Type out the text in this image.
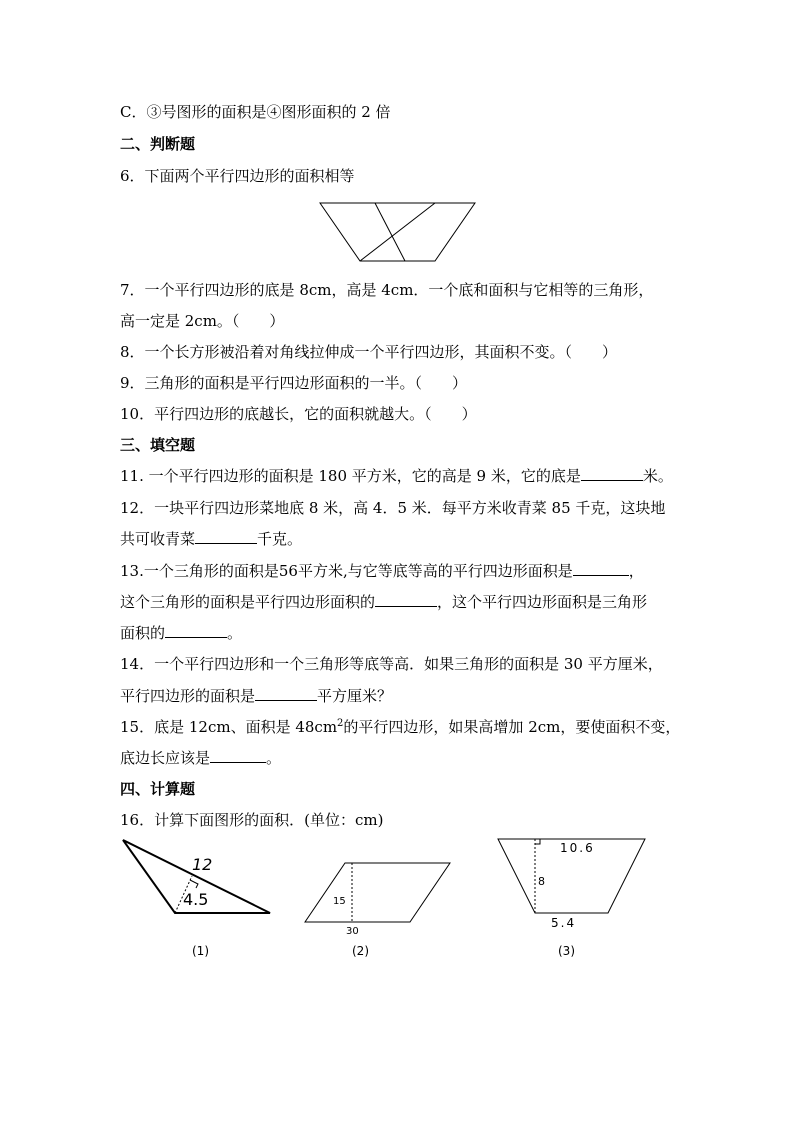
C．③号图形的面积是④图形面积的 2 倍
二、判断题
6．下面两个平行四边形的面积相等
7．一个平行四边形的底是 8cm，高是 4cm．一个底和面积与它相等的三角形，
高一定是 2cm。（　　）
8．一个长方形被沿着对角线拉伸成一个平行四边形，其面积不变。（　　）
9．三角形的面积是平行四边形面积的一半。（　　）
10．平行四边形的底越长，它的面积就越大。（　　）
三、填空题
11. 一个平行四边形的面积是 180 平方米，它的高是 9 米，它的底是	米。
12．一块平行四边形菜地底 8 米，高 4．5 米．每平方米收青菜 85 千克，这块地
共可收青菜	千克。
13.一个三角形的面积是56平方米,与它等底等高的平行四边形面积是	，
这个三角形的面积是平行四边形面积的	，这个平行四边形面积是三角形
面积的	。
14．一个平行四边形和一个三角形等底等高．如果三角形的面积是 30 平方厘米，
平行四边形的面积是	平方厘米？
15．底是 12cm、面积是 $48cm^2$的平行四边形，如果高增加 2cm，要使面积不变，
底边长应该是	。
四、计算题
16．计算下面图形的面积．(单位：cm)
12
4.5
(1)
15
30
(2)
10.6
8
5.4
(3)
